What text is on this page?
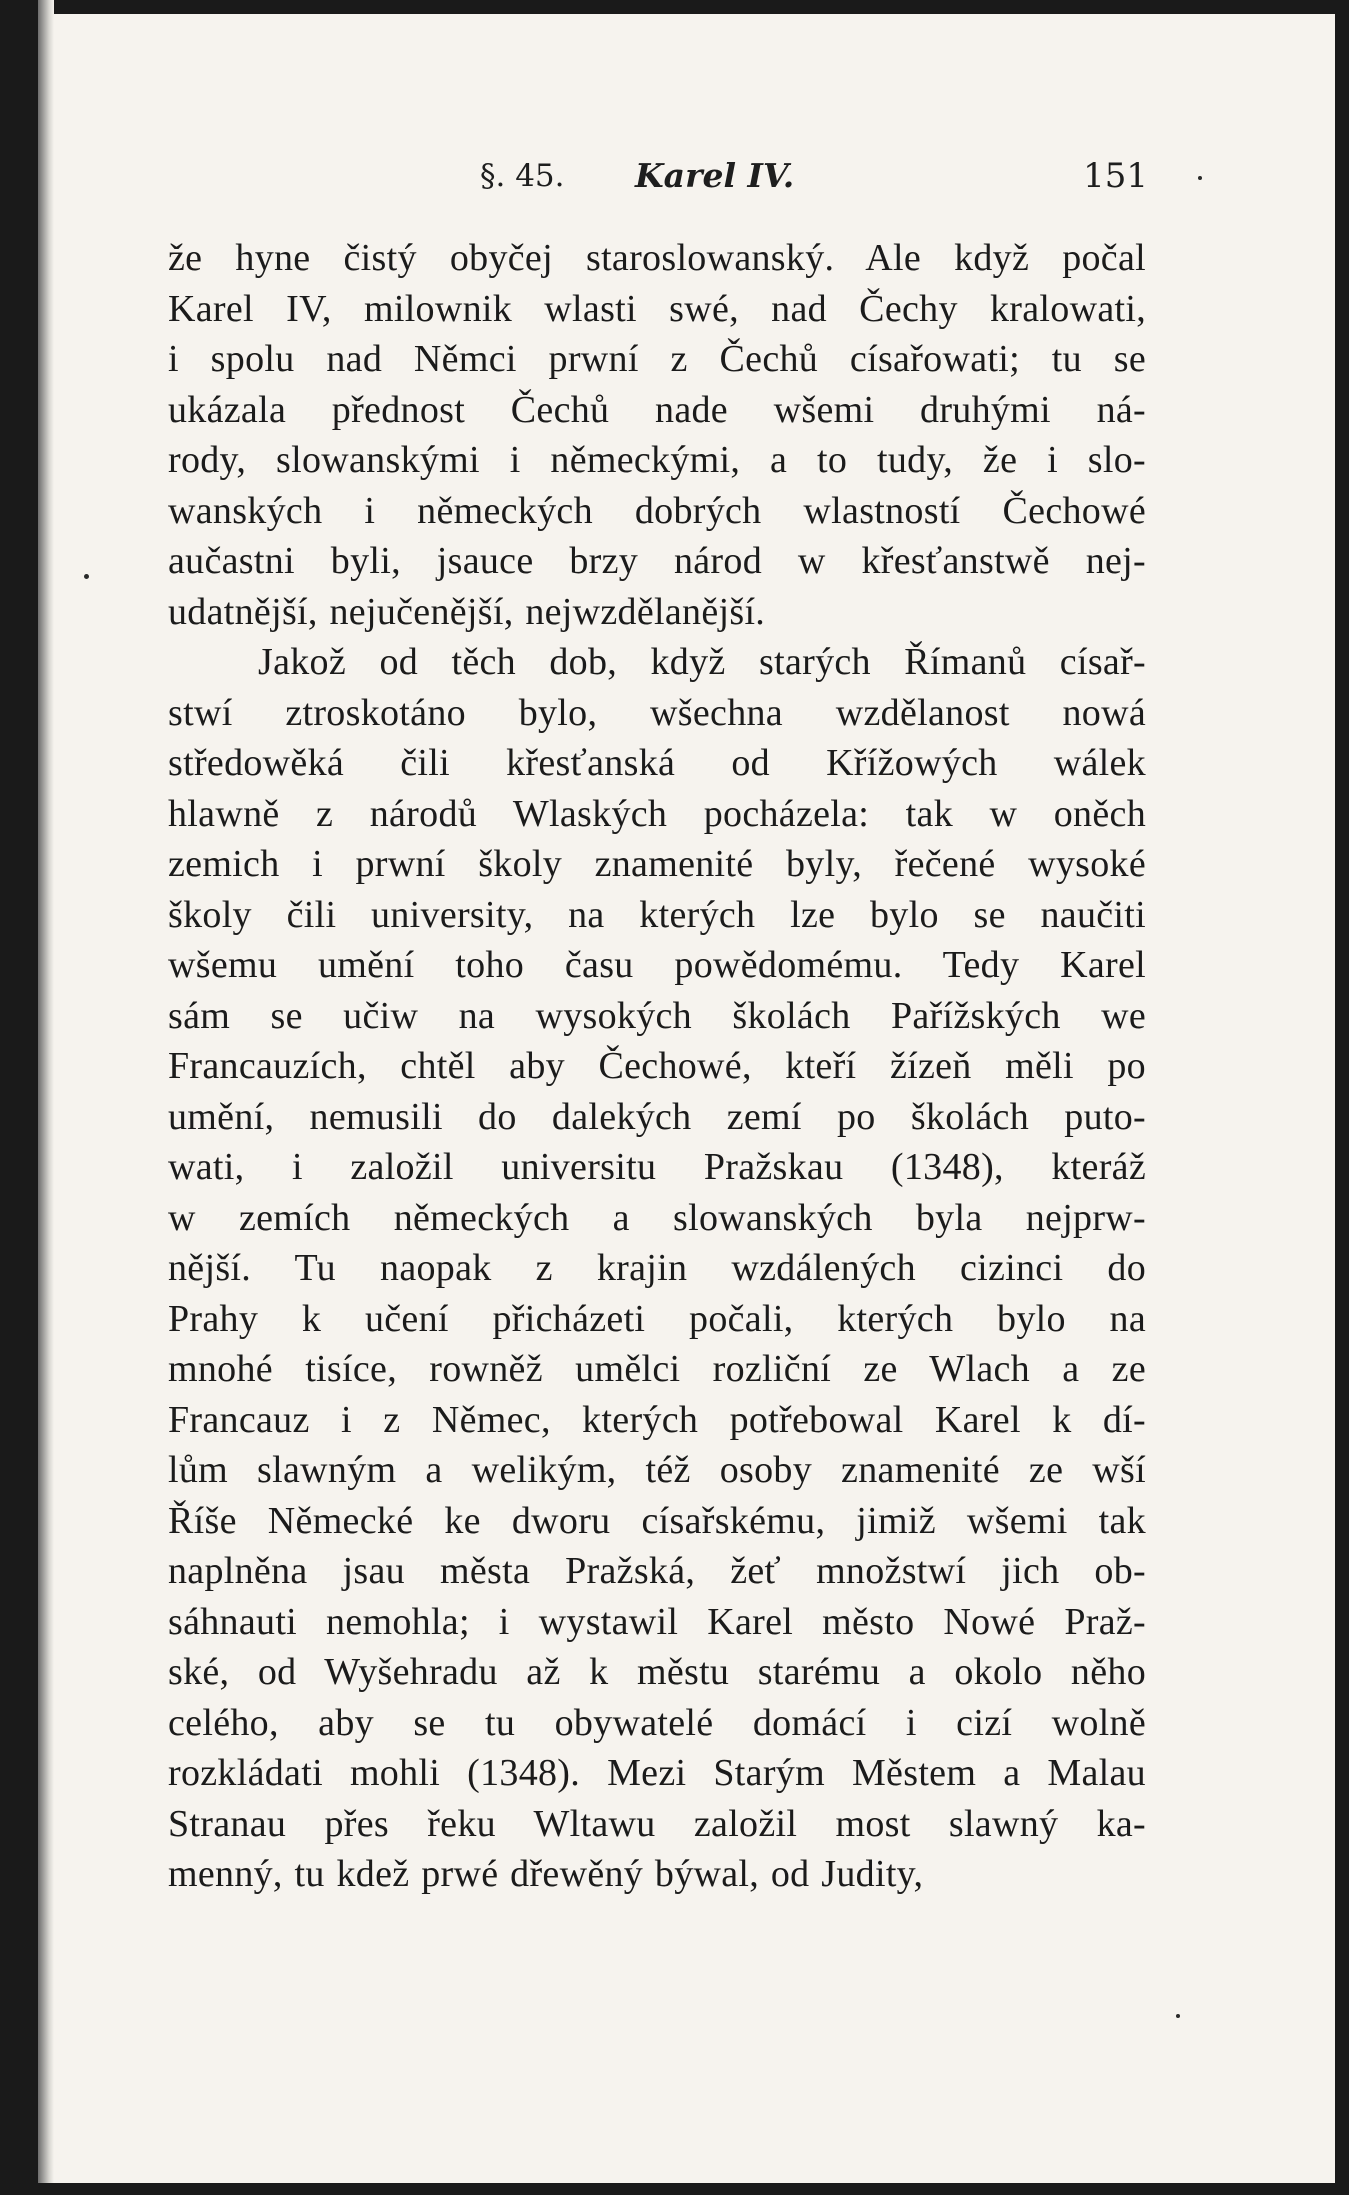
§. 45. Karel IV.	151
že hyne čistý obyčej staroslowanský. Ale když počal
Karel IV, milownik wlasti swé, nad Čechy kralowati,
i spolu nad Němci prwní z Čechů císařowati; tu se
ukázala přednost Čechů nade wšemi druhými ná-
rody, slowanskými i německými, a to tudy, že i slo-
wanských i německých dobrých wlastností Čechowé
aučastni byli, jsauce brzy národ w křesťanstwě nej-
udatnější, nejučenější, nejwzdělanější.
Jakož od těch dob, když starých Římanů císař-
stwí ztroskotáno bylo, wšechna wzdělanost nowá
středowěká čili křesťanská od Křížowých wálek
hlawně z národů Wlaských pocházela: tak w oněch
zemich i prwní školy znamenité byly, řečené wysoké
školy čili university, na kterých lze bylo se naučiti
wšemu umění toho času powědomému. Tedy Karel
sám se učiw na wysokých školách Pařížských we
Francauzích, chtěl aby Čechowé, kteří žízeň měli po
umění, nemusili do dalekých zemí po školách puto-
wati, i založil universitu Pražskau (1348), kteráž
w zemích německých a slowanských byla nejprw-
nější. Tu naopak z krajin wzdálených cizinci do
Prahy k učení přicházeti počali, kterých bylo na
mnohé tisíce, rowněž umělci rozliční ze Wlach a ze
Francauz i z Němec, kterých potřebowal Karel k dí-
lům slawným a welikým, též osoby znamenité ze wší
Říše Německé ke dworu císařskému, jimiž wšemi tak
naplněna jsau města Pražská, žeť množstwí jich ob-
sáhnauti nemohla; i wystawil Karel město Nowé Praž-
ské, od Wyšehradu až k městu starému a okolo něho
celého, aby se tu obywatelé domácí i cizí wolně
rozkládati mohli (1348). Mezi Starým Městem a Malau
Stranau přes řeku Wltawu založil most slawný ka-
menný, tu kdež prwé dřewěný býwal, od Judity,
